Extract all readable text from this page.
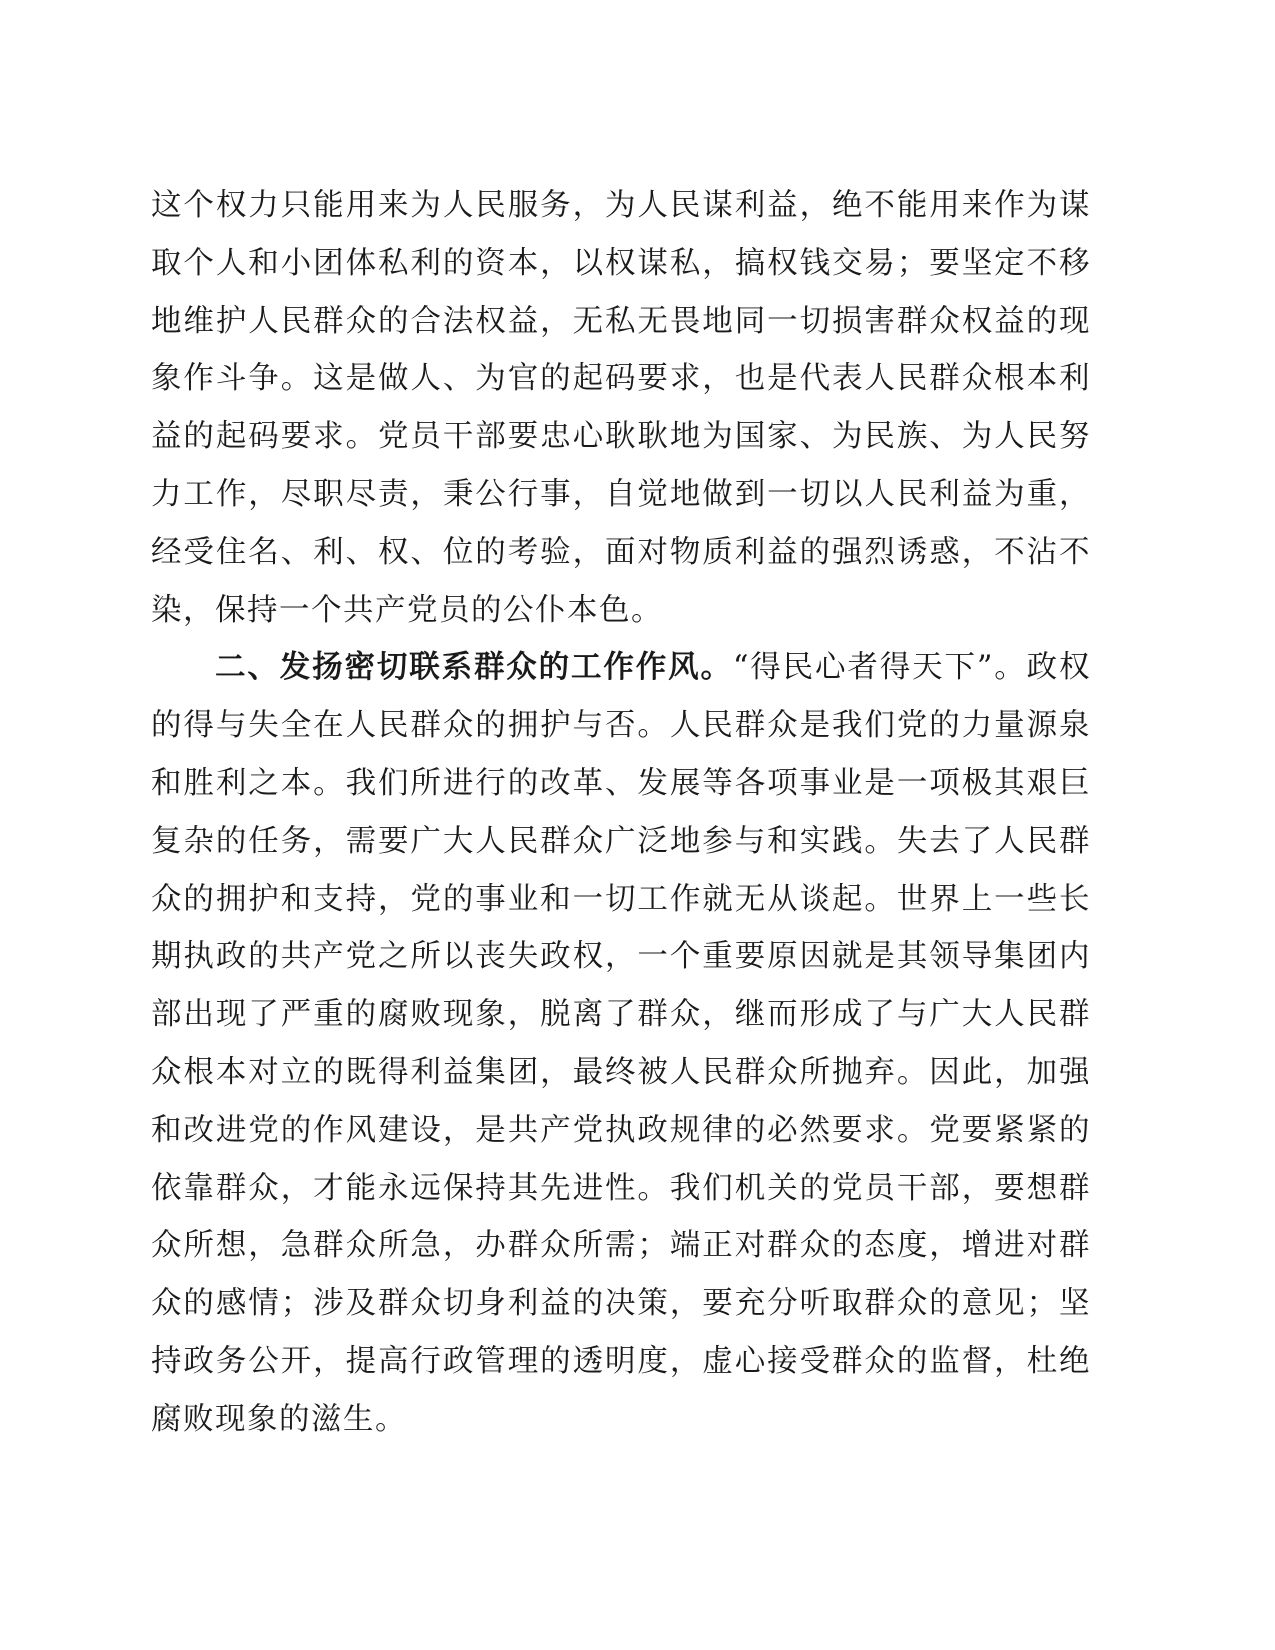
这个权力只能用来为人民服务，为人民谋利益，绝不能用来作为谋取个人和小团体私利的资本，以权谋私，搞权钱交易；要坚定不移地维护人民群众的合法权益，无私无畏地同一切损害群众权益的现象作斗争。这是做人、为官的起码要求，也是代表人民群众根本利益的起码要求。党员干部要忠心耿耿地为国家、为民族、为人民努力工作，尽职尽责，秉公行事，自觉地做到一切以人民利益为重，经受住名、利、权、位的考验，面对物质利益的强烈诱惑，不沾不染，保持一个共产党员的公仆本色。

二、发扬密切联系群众的工作作风。“得民心者得天下”。政权的得与失全在人民群众的拥护与否。人民群众是我们党的力量源泉和胜利之本。我们所进行的改革、发展等各项事业是一项极其艰巨复杂的任务，需要广大人民群众广泛地参与和实践。失去了人民群众的拥护和支持，党的事业和一切工作就无从谈起。世界上一些长期执政的共产党之所以丧失政权，一个重要原因就是其领导集团内部出现了严重的腐败现象，脱离了群众，继而形成了与广大人民群众根本对立的既得利益集团，最终被人民群众所抛弃。因此，加强和改进党的作风建设，是共产党执政规律的必然要求。党要紧紧的依靠群众，才能永远保持其先进性。我们机关的党员干部，要想群众所想，急群众所急，办群众所需；端正对群众的态度，增进对群众的感情；涉及群众切身利益的决策，要充分听取群众的意见；坚持政务公开，提高行政管理的透明度，虚心接受群众的监督，杜绝腐败现象的滋生。
